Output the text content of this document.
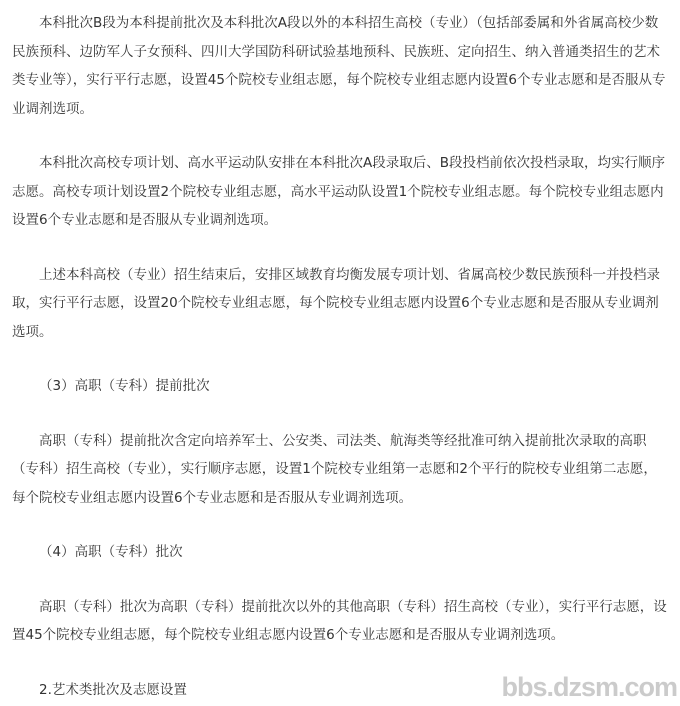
本科批次B段为本科提前批次及本科批次A段以外的本科招生高校（专业）（包括部委属和外省属高校少数民族预科、边防军人子女预科、四川大学国防科研试验基地预科、民族班、定向招生、纳入普通类招生的艺术类专业等），实行平行志愿，设置45个院校专业组志愿，每个院校专业组志愿内设置6个专业志愿和是否服从专业调剂选项。

本科批次高校专项计划、高水平运动队安排在本科批次A段录取后、B段投档前依次投档录取，均实行顺序志愿。高校专项计划设置2个院校专业组志愿，高水平运动队设置1个院校专业组志愿。每个院校专业组志愿内设置6个专业志愿和是否服从专业调剂选项。

上述本科高校（专业）招生结束后，安排区域教育均衡发展专项计划、省属高校少数民族预科一并投档录取，实行平行志愿，设置20个院校专业组志愿，每个院校专业组志愿内设置6个专业志愿和是否服从专业调剂选项。

（3）高职（专科）提前批次

高职（专科）提前批次含定向培养军士、公安类、司法类、航海类等经批准可纳入提前批次录取的高职（专科）招生高校（专业），实行顺序志愿，设置1个院校专业组第一志愿和2个平行的院校专业组第二志愿，每个院校专业组志愿内设置6个专业志愿和是否服从专业调剂选项。

（4）高职（专科）批次

高职（专科）批次为高职（专科）提前批次以外的其他高职（专科）招生高校（专业），实行平行志愿，设置45个院校专业组志愿，每个院校专业组志愿内设置6个专业志愿和是否服从专业调剂选项。

2.艺术类批次及志愿设置	bbs.dzsm.com
